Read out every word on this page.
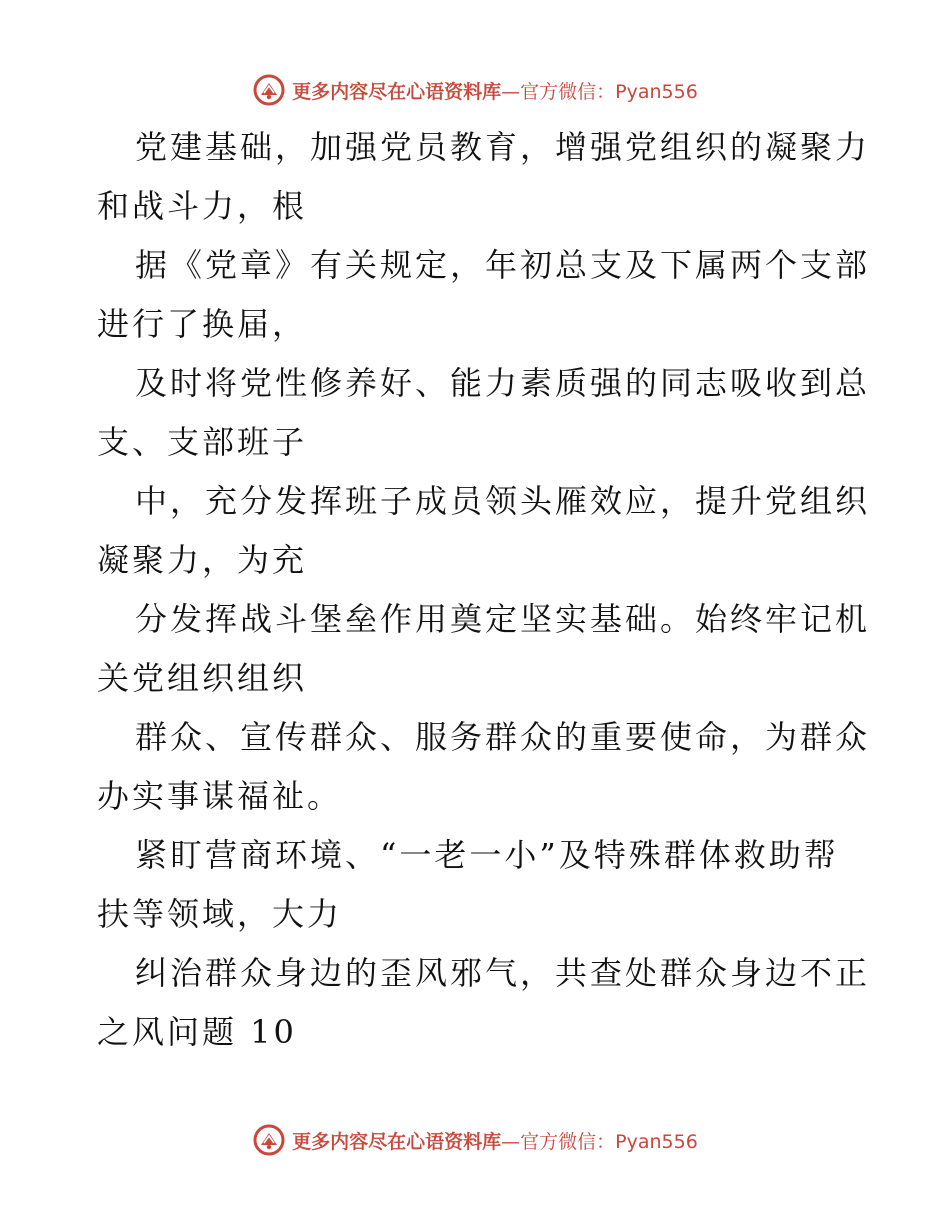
更多内容尽在心语资料库—官方微信：Pyan556
党建基础，加强党员教育，增强党组织的凝聚力
和战斗力，根
据《党章》有关规定，年初总支及下属两个支部
进行了换届，
及时将党性修养好、能力素质强的同志吸收到总
支、支部班子
中，充分发挥班子成员领头雁效应，提升党组织
凝聚力，为充
分发挥战斗堡垒作用奠定坚实基础。始终牢记机
关党组织组织
群众、宣传群众、服务群众的重要使命，为群众
办实事谋福祉。
紧盯营商环境、“一老一小”及特殊群体救助帮
扶等领域，大力
纠治群众身边的歪风邪气，共查处群众身边不正
之风问题 10
更多内容尽在心语资料库—官方微信：Pyan556
